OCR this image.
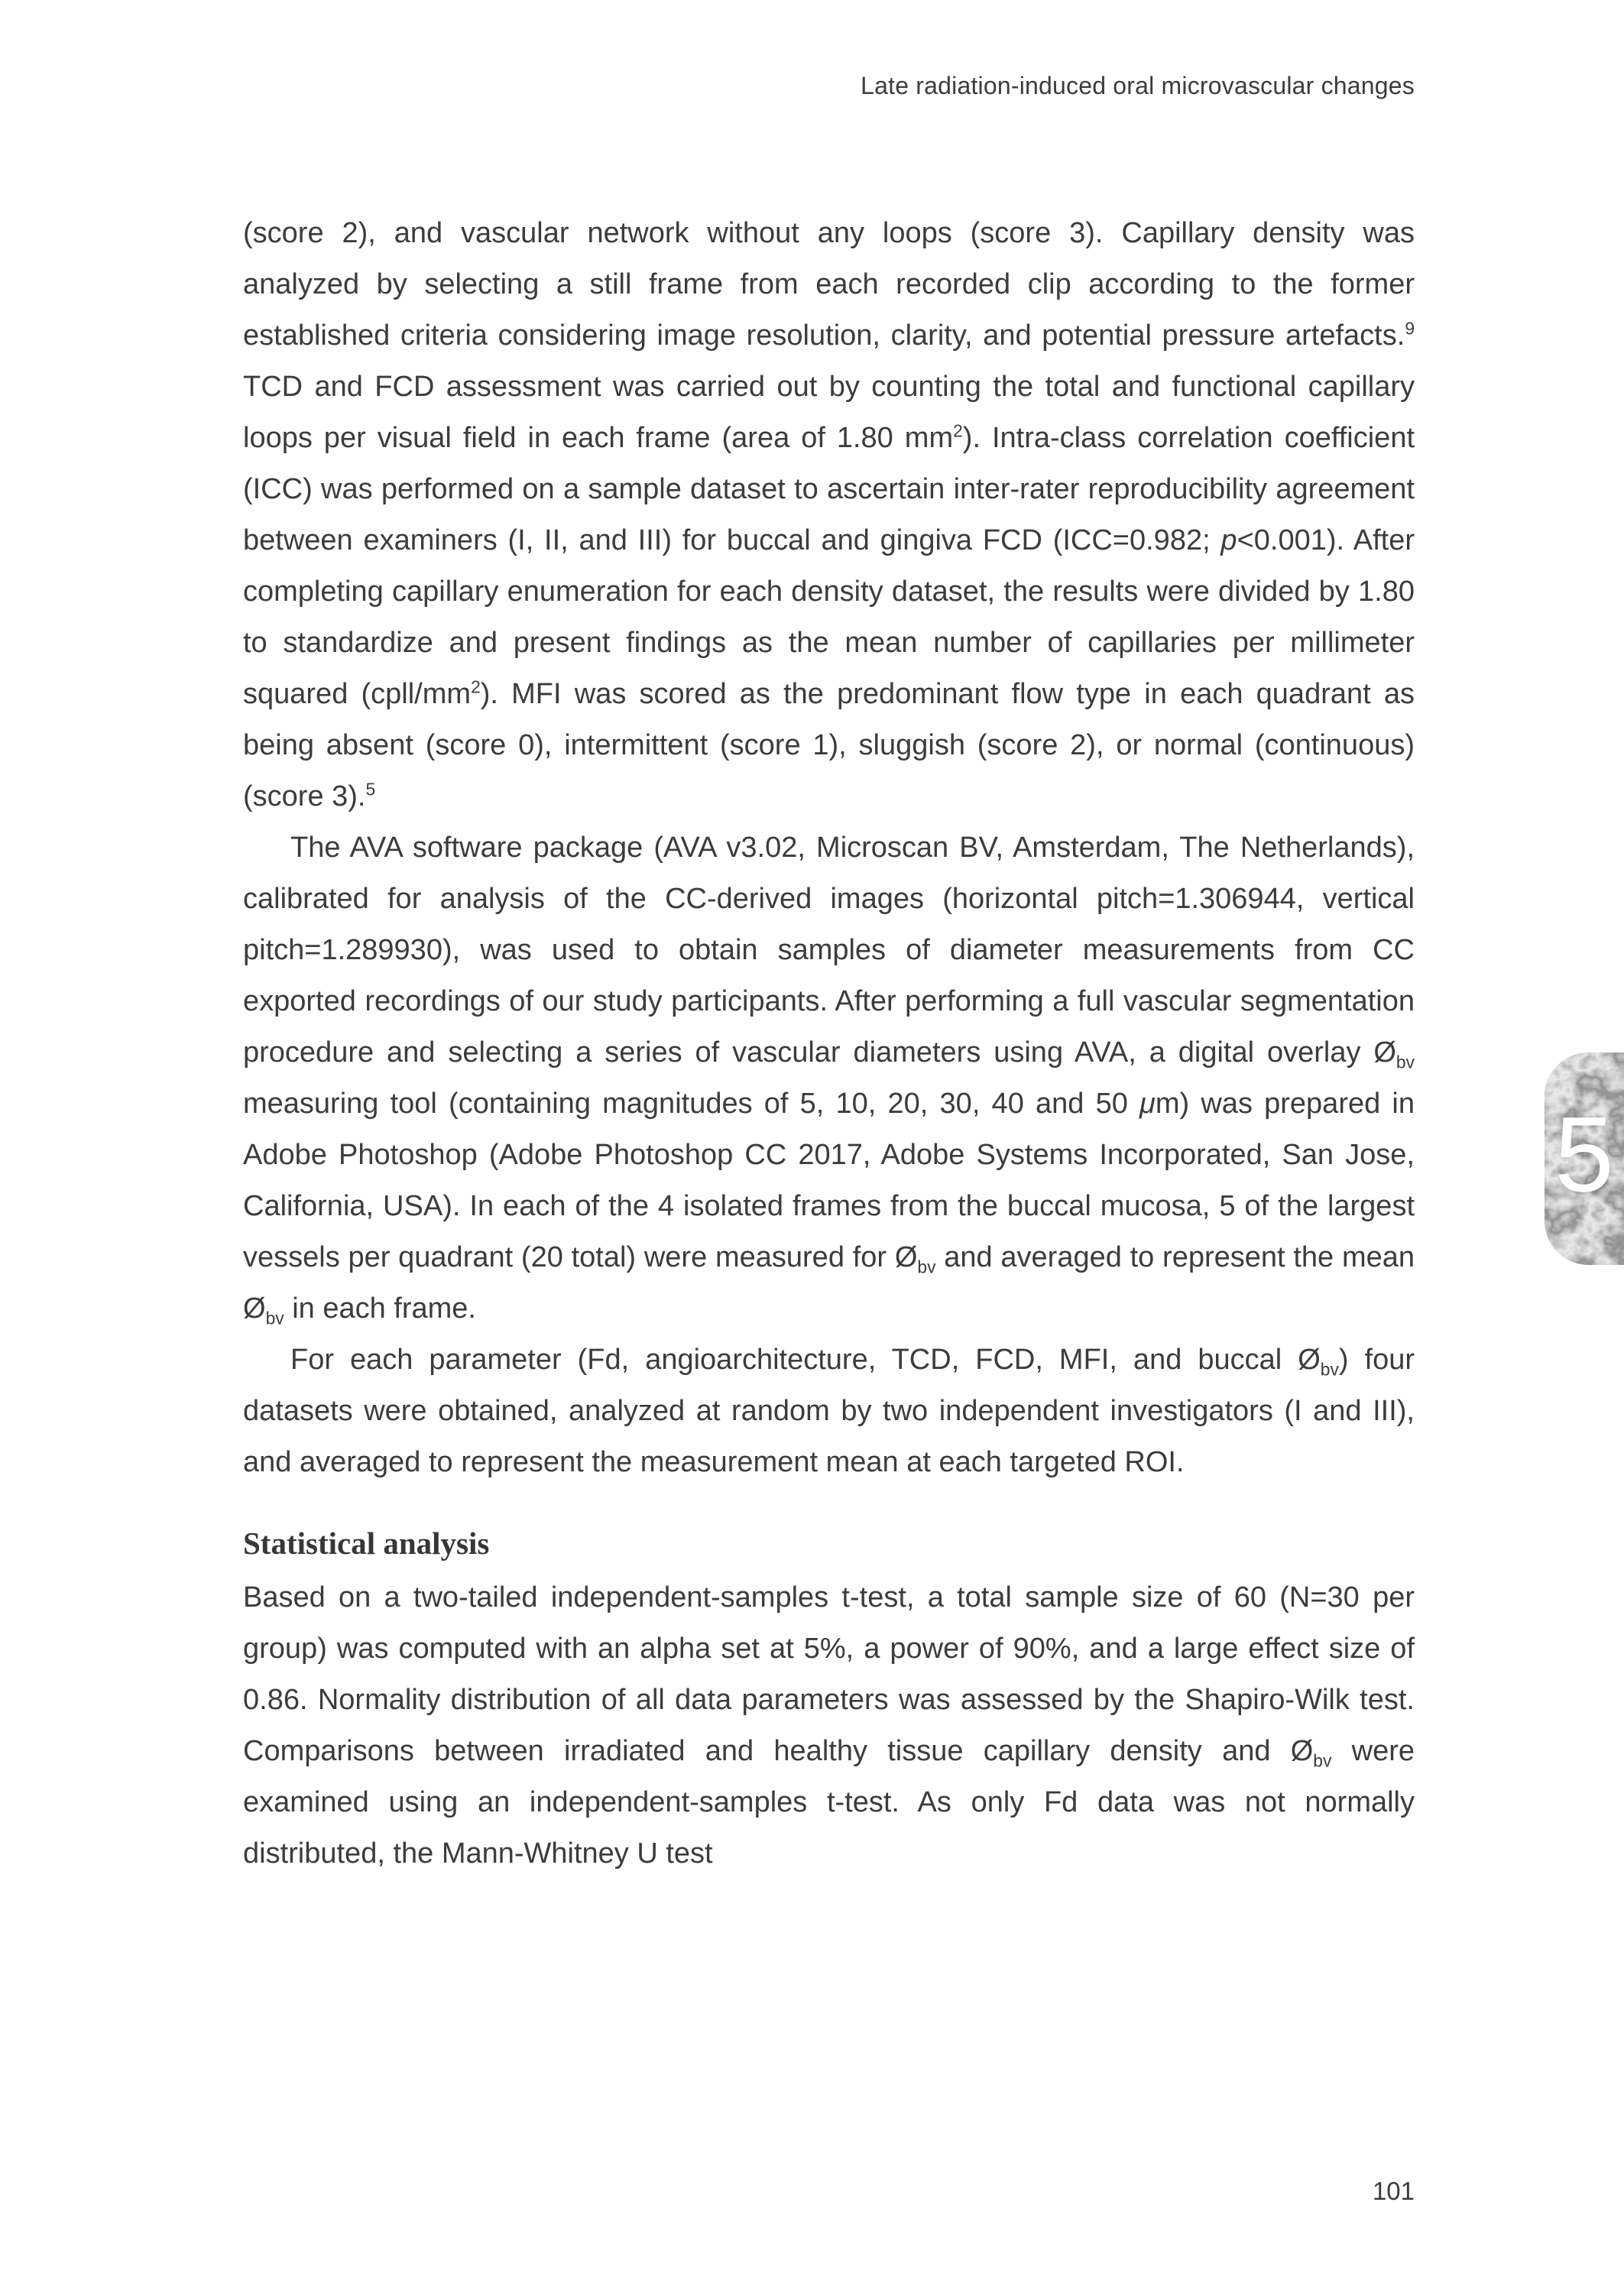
Late radiation-induced oral microvascular changes

(score 2), and vascular network without any loops (score 3). Capillary density was analyzed by selecting a still frame from each recorded clip according to the former established criteria considering image resolution, clarity, and potential pressure artefacts.$^9$ TCD and FCD assessment was carried out by counting the total and functional capillary loops per visual field in each frame (area of 1.80 $mm^2$). Intra-class correlation coefficient (ICC) was performed on a sample dataset to ascertain inter-rater reproducibility agreement between examiners (I, II, and III) for buccal and gingiva FCD (ICC=0.982; p<0.001). After completing capillary enumeration for each density dataset, the results were divided by 1.80 to standardize and present findings as the mean number of capillaries per millimeter squared $(cpll/mm^2)$. MFI was scored as the predominant flow type in each quadrant as being absent (score 0), intermittent (score 1), sluggish (score 2), or normal (continuous) (score 3).$^5$

The AVA software package (AVA v3.02, Microscan BV, Amsterdam, The Netherlands), calibrated for analysis of the CC-derived images (horizontal pitch=1.306944, vertical pitch=1.289930), was used to obtain samples of diameter measurements from CC exported recordings of our study participants. After performing a full vascular segmentation procedure and selecting a series of vascular diameters using AVA, a digital overlay $Ø_{bv}$ measuring tool (containing magnitudes of 5, 10, 20, 30, 40 and 50 μm) was prepared in Adobe Photoshop (Adobe Photoshop CC 2017, Adobe Systems Incorporated, San Jose, California, USA). In each of the 4 isolated frames from the buccal mucosa, 5 of the largest vessels per quadrant (20 total) were measured for $Ø_{bv}$ and averaged to represent the mean $Ø_{bv}$ in each frame.

For each parameter (Fd, angioarchitecture, TCD, FCD, MFI, and buccal $Ø_{bv}$) four datasets were obtained, analyzed at random by two independent investigators (I and III), and averaged to represent the measurement mean at each targeted ROI.

Statistical analysis

Based on a two-tailed independent-samples t-test, a total sample size of 60 (N=30 per group) was computed with an alpha set at 5%, a power of 90%, and a large effect size of 0.86. Normality distribution of all data parameters was assessed by the Shapiro-Wilk test. Comparisons between irradiated and healthy tissue capillary density and $Ø_{bv}$ were examined using an independent-samples t-test. As only Fd data was not normally distributed, the Mann-Whitney U test

5
101
